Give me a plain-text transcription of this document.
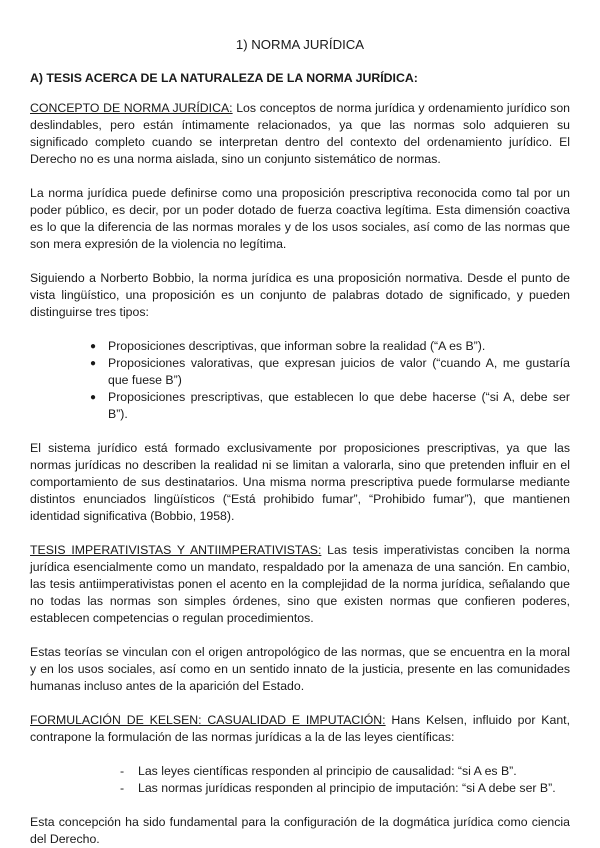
1) NORMA JURÍDICA
A) TESIS ACERCA DE LA NATURALEZA DE LA NORMA JURÍDICA:

CONCEPTO DE NORMA JURÍDICA: Los conceptos de norma jurídica y ordenamiento jurídico son deslindables, pero están íntimamente relacionados, ya que las normas solo adquieren su significado completo cuando se interpretan dentro del contexto del ordenamiento jurídico. El Derecho no es una norma aislada, sino un conjunto sistemático de normas.

La norma jurídica puede definirse como una proposición prescriptiva reconocida como tal por un poder público, es decir, por un poder dotado de fuerza coactiva legítima. Esta dimensión coactiva es lo que la diferencia de las normas morales y de los usos sociales, así como de las normas que son mera expresión de la violencia no legítima.

Siguiendo a Norberto Bobbio, la norma jurídica es una proposición normativa. Desde el punto de vista lingüístico, una proposición es un conjunto de palabras dotado de significado, y pueden distinguirse tres tipos:

● Proposiciones descriptivas, que informan sobre la realidad (“A es B”).
● Proposiciones valorativas, que expresan juicios de valor (“cuando A, me gustaría que fuese B”)
● Proposiciones prescriptivas, que establecen lo que debe hacerse (“si A, debe ser B”).

El sistema jurídico está formado exclusivamente por proposiciones prescriptivas, ya que las normas jurídicas no describen la realidad ni se limitan a valorarla, sino que pretenden influir en el comportamiento de sus destinatarios. Una misma norma prescriptiva puede formularse mediante distintos enunciados lingüísticos (“Está prohibido fumar”, “Prohibido fumar”), que mantienen identidad significativa (Bobbio, 1958).

TESIS IMPERATIVISTAS Y ANTIIMPERATIVISTAS: Las tesis imperativistas conciben la norma jurídica esencialmente como un mandato, respaldado por la amenaza de una sanción. En cambio, las tesis antiimperativistas ponen el acento en la complejidad de la norma jurídica, señalando que no todas las normas son simples órdenes, sino que existen normas que confieren poderes, establecen competencias o regulan procedimientos.

Estas teorías se vinculan con el origen antropológico de las normas, que se encuentra en la moral y en los usos sociales, así como en un sentido innato de la justicia, presente en las comunidades humanas incluso antes de la aparición del Estado.

FORMULACIÓN DE KELSEN: CASUALIDAD E IMPUTACIÓN: Hans Kelsen, influido por Kant, contrapone la formulación de las normas jurídicas a la de las leyes científicas:

- Las leyes científicas responden al principio de causalidad: “si A es B”.
- Las normas jurídicas responden al principio de imputación: “si A debe ser B”.

Esta concepción ha sido fundamental para la configuración de la dogmática jurídica como ciencia del Derecho.
